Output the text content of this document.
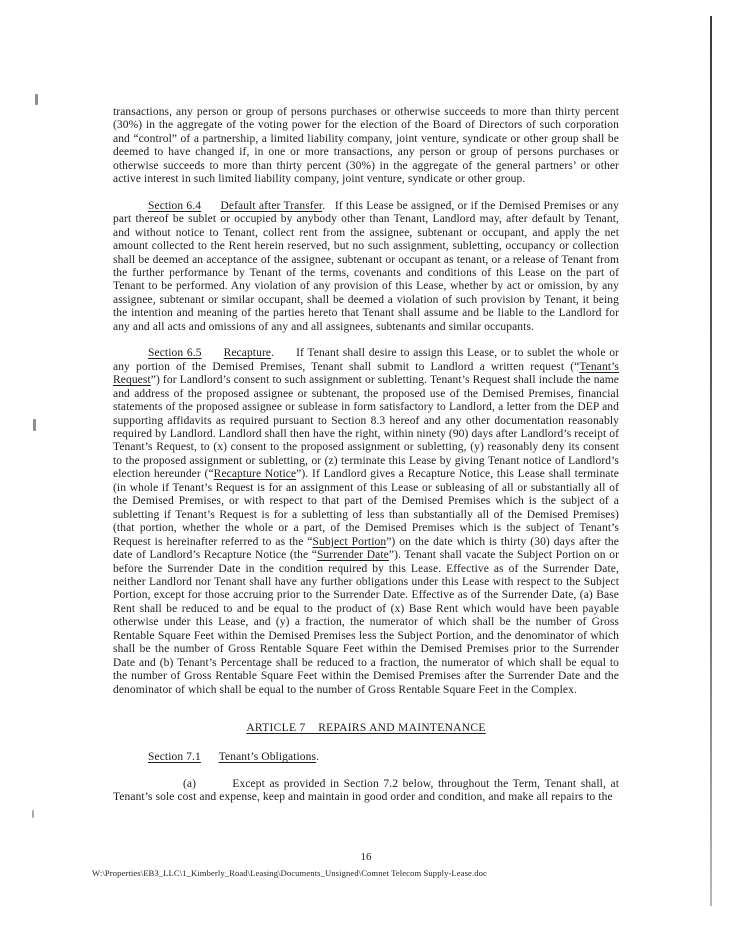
transactions, any person or group of persons purchases or otherwise succeeds to more than thirty percent (30%) in the aggregate of the voting power for the election of the Board of Directors of such corporation and “control” of a partnership, a limited liability company, joint venture, syndicate or other group shall be deemed to have changed if, in one or more transactions, any person or group of persons purchases or otherwise succeeds to more than thirty percent (30%) in the aggregate of the general partners’ or other active interest in such limited liability company, joint venture, syndicate or other group.

Section 6.4 Default after Transfer.   If this Lease be assigned, or if the Demised Premises or any part thereof be sublet or occupied by anybody other than Tenant, Landlord may, after default by Tenant, and without notice to Tenant, collect rent from the assignee, subtenant or occupant, and apply the net amount collected to the Rent herein reserved, but no such assignment, subletting, occupancy or collection shall be deemed an acceptance of the assignee, subtenant or occupant as tenant, or a release of Tenant from the further performance by Tenant of the terms, covenants and conditions of this Lease on the part of Tenant to be performed. Any violation of any provision of this Lease, whether by act or omission, by any assignee, subtenant or similar occupant, shall be deemed a violation of such provision by Tenant, it being the intention and meaning of the parties hereto that Tenant shall assume and be liable to the Landlord for any and all acts and omissions of any and all assignees, subtenants and similar occupants.

Section 6.5 Recapture.      If Tenant shall desire to assign this Lease, or to sublet the whole or any portion of the Demised Premises, Tenant shall submit to Landlord a written request (“Tenant’s Request”) for Landlord’s consent to such assignment or subletting. Tenant’s Request shall include the name and address of the proposed assignee or subtenant, the proposed use of the Demised Premises, financial statements of the proposed assignee or sublease in form satisfactory to Landlord, a letter from the DEP and supporting affidavits as required pursuant to Section 8.3 hereof and any other documentation reasonably required by Landlord. Landlord shall then have the right, within ninety (90) days after Landlord’s receipt of Tenant’s Request, to (x) consent to the proposed assignment or subletting, (y) reasonably deny its consent to the proposed assignment or subletting, or (z) terminate this Lease by giving Tenant notice of Landlord’s election hereunder (“Recapture Notice”). If Landlord gives a Recapture Notice, this Lease shall terminate (in whole if Tenant’s Request is for an assignment of this Lease or subleasing of all or substantially all of the Demised Premises, or with respect to that part of the Demised Premises which is the subject of a subletting if Tenant’s Request is for a subletting of less than substantially all of the Demised Premises) (that portion, whether the whole or a part, of the Demised Premises which is the subject of Tenant’s Request is hereinafter referred to as the “Subject Portion”) on the date which is thirty (30) days after the date of Landlord’s Recapture Notice (the “Surrender Date”). Tenant shall vacate the Subject Portion on or before the Surrender Date in the condition required by this Lease. Effective as of the Surrender Date, neither Landlord nor Tenant shall have any further obligations under this Lease with respect to the Subject Portion, except for those accruing prior to the Surrender Date. Effective as of the Surrender Date, (a) Base Rent shall be reduced to and be equal to the product of (x) Base Rent which would have been payable otherwise under this Lease, and (y) a fraction, the numerator of which shall be the number of Gross Rentable Square Feet within the Demised Premises less the Subject Portion, and the denominator of which shall be the number of Gross Rentable Square Feet within the Demised Premises prior to the Surrender Date and (b) Tenant’s Percentage shall be reduced to a fraction, the numerator of which shall be equal to the number of Gross Rentable Square Feet within the Demised Premises after the Surrender Date and the denominator of which shall be equal to the number of Gross Rentable Square Feet in the Complex.

ARTICLE 7    REPAIRS AND MAINTENANCE

Section 7.1 Tenant’s Obligations.

(a)        Except as provided in Section 7.2 below, throughout the Term, Tenant shall, at Tenant’s sole cost and expense, keep and maintain in good order and condition, and make all repairs to the

16
W:\Properties\EB3_LLC\1_Kimberly_Road\Leasing\Documents_Unsigned\Comnet Telecom Supply-Lease.doc
